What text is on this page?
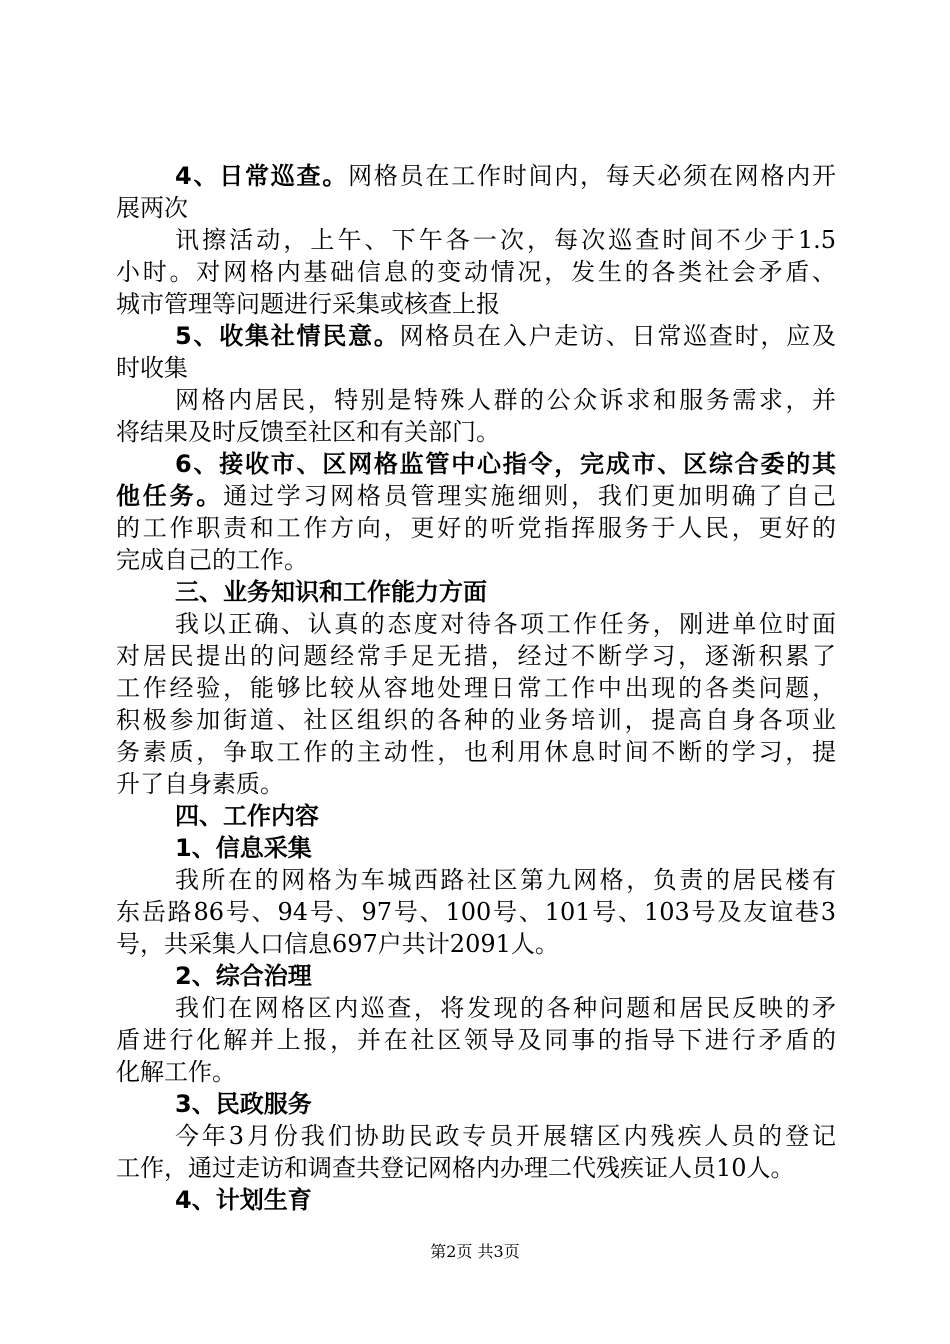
4、日常巡查。网格员在工作时间内，每天必须在网格内开

展两次

讯擦活动，上午、下午各一次，每次巡查时间不少于1.5

小时。对网格内基础信息的变动情况，发生的各类社会矛盾、

城市管理等问题进行采集或核查上报

5、收集社情民意。网格员在入户走访、日常巡查时，应及

时收集

网格内居民，特别是特殊人群的公众诉求和服务需求，并

将结果及时反馈至社区和有关部门。

6、接收市、区网格监管中心指令，完成市、区综合委的其

他任务。通过学习网格员管理实施细则，我们更加明确了自己

的工作职责和工作方向，更好的听党指挥服务于人民，更好的

完成自己的工作。

三、业务知识和工作能力方面

我以正确、认真的态度对待各项工作任务，刚进单位时面

对居民提出的问题经常手足无措，经过不断学习，逐渐积累了

工作经验，能够比较从容地处理日常工作中出现的各类问题，

积极参加街道、社区组织的各种的业务培训，提高自身各项业

务素质，争取工作的主动性，也利用休息时间不断的学习，提

升了自身素质。

四、工作内容

1、信息采集

我所在的网格为车城西路社区第九网格，负责的居民楼有

东岳路86号、94号、97号、100号、101号、103号及友谊巷3

号，共采集人口信息697户共计2091人。

2、综合治理

我们在网格区内巡查，将发现的各种问题和居民反映的矛

盾进行化解并上报，并在社区领导及同事的指导下进行矛盾的

化解工作。

3、民政服务

今年3月份我们协助民政专员开展辖区内残疾人员的登记

工作，通过走访和调查共登记网格内办理二代残疾证人员10人。

4、计划生育

第2页 共3页
